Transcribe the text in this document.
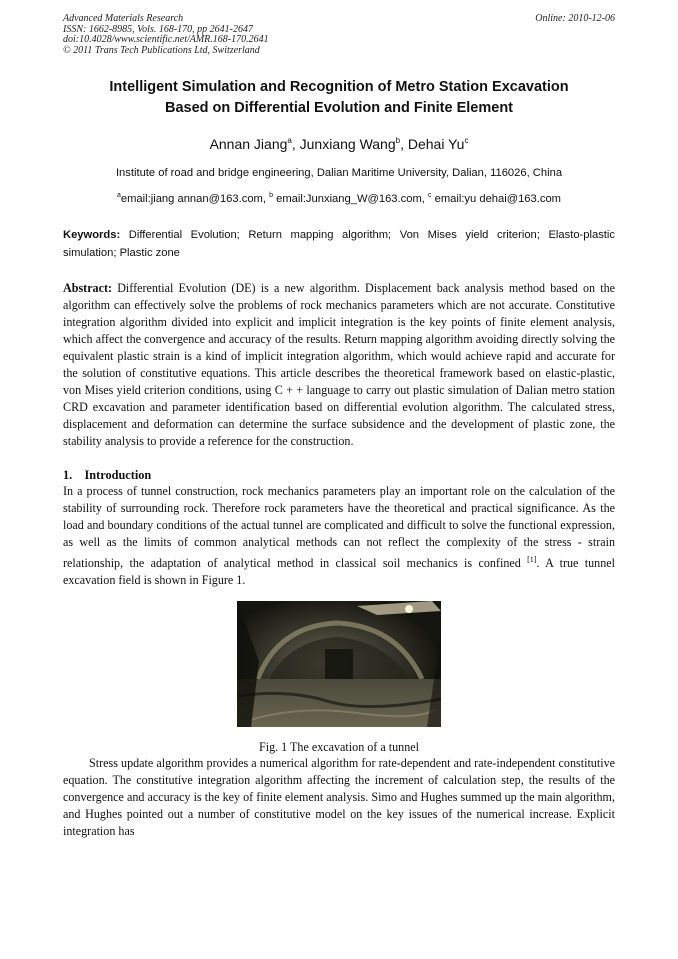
Advanced Materials Research
ISSN: 1662-8985, Vols. 168-170, pp 2641-2647
doi:10.4028/www.scientific.net/AMR.168-170.2641
© 2011 Trans Tech Publications Ltd, Switzerland
Online: 2010-12-06
Intelligent Simulation and Recognition of Metro Station Excavation
Based on Differential Evolution and Finite Element
Annan Jiang$^a$, Junxiang Wang$^b$, Dehai Yu$^c$
Institute of road and bridge engineering, Dalian Maritime University, Dalian, 116026, China
$^a$email:jiang annan@163.com, $^b$ email:Junxiang_W@163.com, $^c$ email:yu dehai@163.com
Keywords: Differential Evolution; Return mapping algorithm; Von Mises yield criterion; Elasto-plastic simulation; Plastic zone
Abstract: Differential Evolution (DE) is a new algorithm. Displacement back analysis method based on the algorithm can effectively solve the problems of rock mechanics parameters which are not accurate. Constitutive integration algorithm divided into explicit and implicit integration is the key points of finite element analysis, which affect the convergence and accuracy of the results. Return mapping algorithm avoiding directly solving the equivalent plastic strain is a kind of implicit integration algorithm, which would achieve rapid and accurate for the solution of constitutive equations. This article describes the theoretical framework based on elastic-plastic, von Mises yield criterion conditions, using C + + language to carry out plastic simulation of Dalian metro station CRD excavation and parameter identification based on differential evolution algorithm. The calculated stress, displacement and deformation can determine the surface subsidence and the development of plastic zone, the stability analysis to provide a reference for the construction.
1. Introduction
In a process of tunnel construction, rock mechanics parameters play an important role on the calculation of the stability of surrounding rock. Therefore rock parameters have the theoretical and practical significance. As the load and boundary conditions of the actual tunnel are complicated and difficult to solve the functional expression, as well as the limits of common analytical methods can not reflect the complexity of the stress - strain relationship, the adaptation of analytical method in classical soil mechanics is confined [1]. A true tunnel excavation field is shown in Figure 1.
Fig. 1 The excavation of a tunnel
Stress update algorithm provides a numerical algorithm for rate-dependent and rate-independent constitutive equation. The constitutive integration algorithm affecting the increment of calculation step, the results of the convergence and accuracy is the key of finite element analysis. Simo and Hughes summed up the main algorithm, and Hughes pointed out a number of constitutive model on the key issues of the numerical increase. Explicit integration has
